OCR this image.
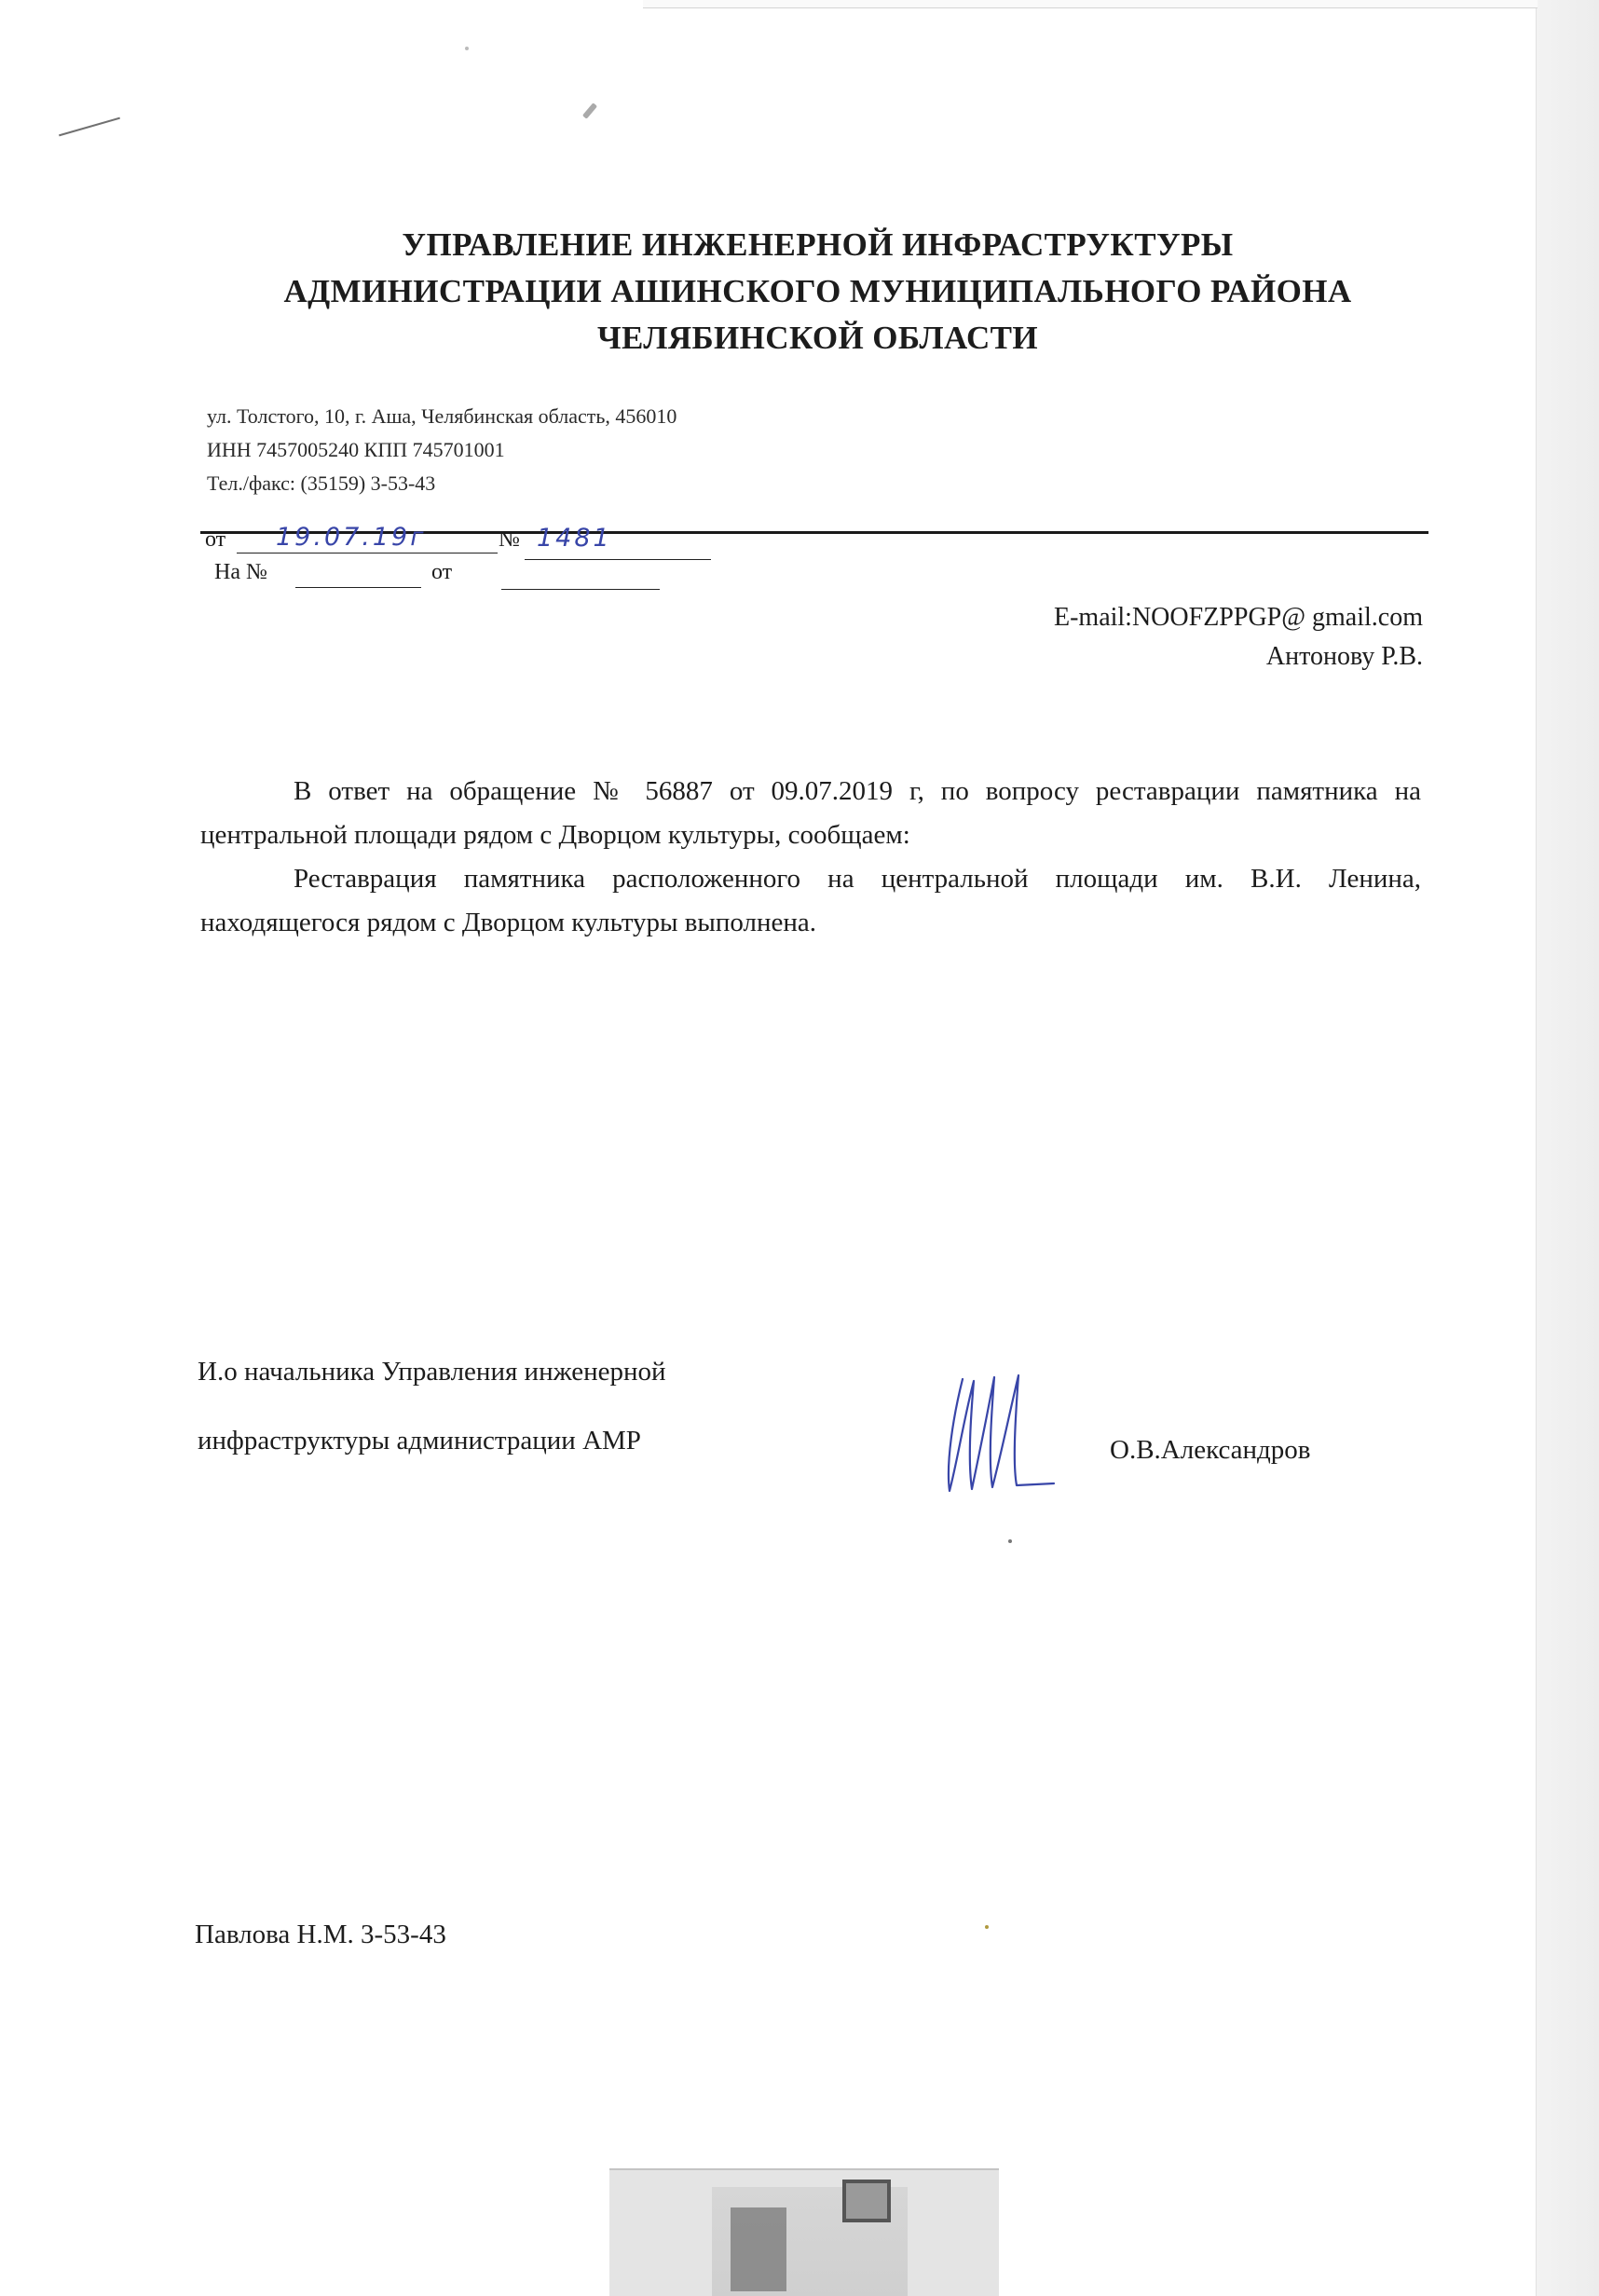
УПРАВЛЕНИЕ ИНЖЕНЕРНОЙ ИНФРАСТРУКТУРЫ
АДМИНИСТРАЦИИ АШИНСКОГО МУНИЦИПАЛЬНОГО РАЙОНА
ЧЕЛЯБИНСКОЙ ОБЛАСТИ
ул. Толстого, 10, г. Аша, Челябинская область, 456010
ИНН 7457005240 КПП 745701001
Тел./факс: (35159) 3-53-43
от 19.07.19г	№ 1481
На №	от
E-mail:NOOFZPPGP@ gmail.com
Антонову Р.В.

В ответ на обращение № 56887 от 09.07.2019 г, по вопросу реставрации памятника на центральной площади рядом с Дворцом культуры, сообщаем:

Реставрация памятника расположенного на центральной площади им. В.И. Ленина, находящегося рядом с Дворцом культуры выполнена.

И.о начальника Управления инженерной
инфраструктуры администрации АМР	О.В.Александров
Павлова Н.М. 3-53-43
